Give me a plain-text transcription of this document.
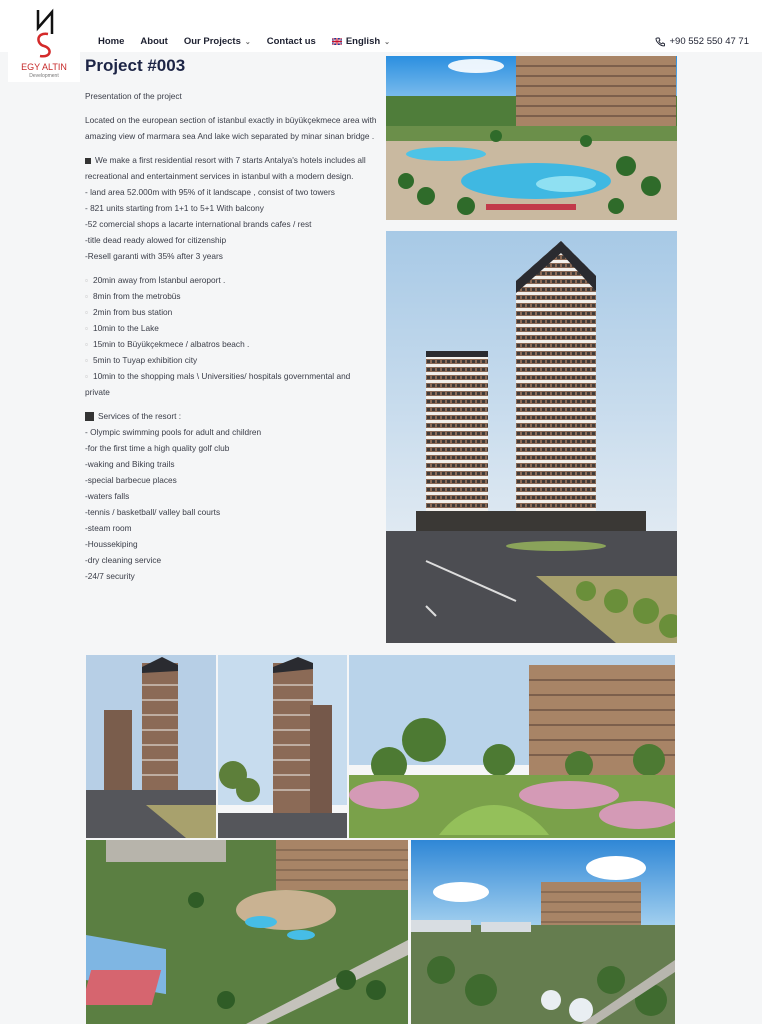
EGY ALTIN
Development
Home About Our Projects ⌄ Contact us	English ⌄	+90 552 550 47 71
Project #003

Presentation of the project

Located on the european section of istanbul exactly in büyükçekmece area with amazing view of marmara sea And lake wich separated by minar sinan bridge .

We make a first residential resort with 7 starts Antalya's hotels includes all recreational and entertainment services in istanbul with a modern design.

- land area 52.000m with 95% of it landscape , consist of two towers

- 821 units starting from 1+1 to 5+1 With balcony

-52 comercial shops a lacarte international brands cafes / rest

-title dead ready alowed for citizenship

-Resell garanti with 35% after 3 years

▫ 20min away from İstanbul aeroport .

▫ 8min from the metrobüs

▫ 2min from bus station

▫ 10min to the Lake

▫ 15min to Büyükçekmece / albatros beach .

▫ 5min to Tuyap exhibition city

▫ 10min to the shopping mals \ Universities/ hospitals governmental and private

Services of the resort :

- Olympic swimming pools for adult and children

-for the first time a high quality golf club

-waking and Biking trails

-special barbecue places

-waters falls

-tennis / basketball/ valley ball courts

-steam room

-Houssekiping

-dry cleaning service

-24/7 security
